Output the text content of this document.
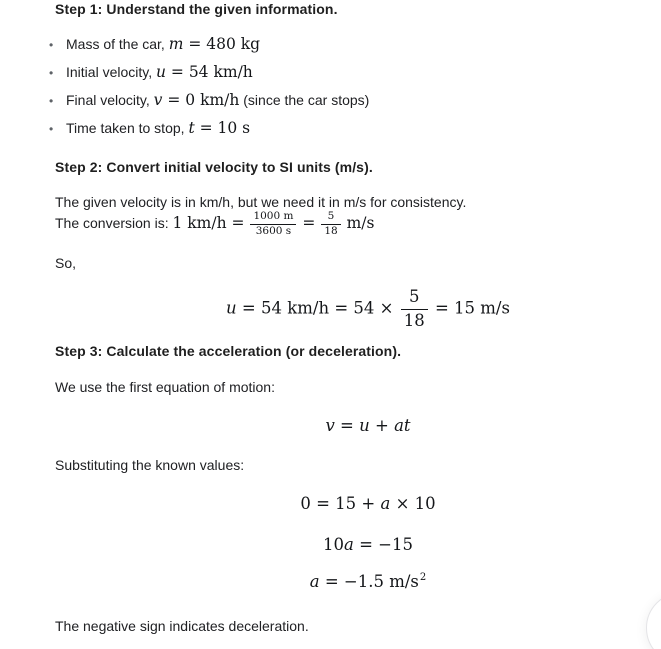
Step 1: Understand the given information.
• Mass of the car, m = 480 kg
• Initial velocity, u = 54 km/h
• Final velocity, v = 0 km/h (since the car stops)
• Time taken to stop, t = 10 s
Step 2: Convert initial velocity to SI units (m/s).
The given velocity is in km/h, but we need it in m/s for consistency.
The conversion is: 1 $km/h = \frac{1000 m}{3600 s} = \frac{5}{18} m/s$
So,
u = 54 $km/h = 54 \times \frac{5}{18} = 15$ m/s
Step 3: Calculate the acceleration (or deceleration).
We use the first equation of motion:
v = u + at
Substituting the known values:
0 = 15 + a × 10
10a = −15
a = −1.5 $m/s^2$
The negative sign indicates deceleration.
